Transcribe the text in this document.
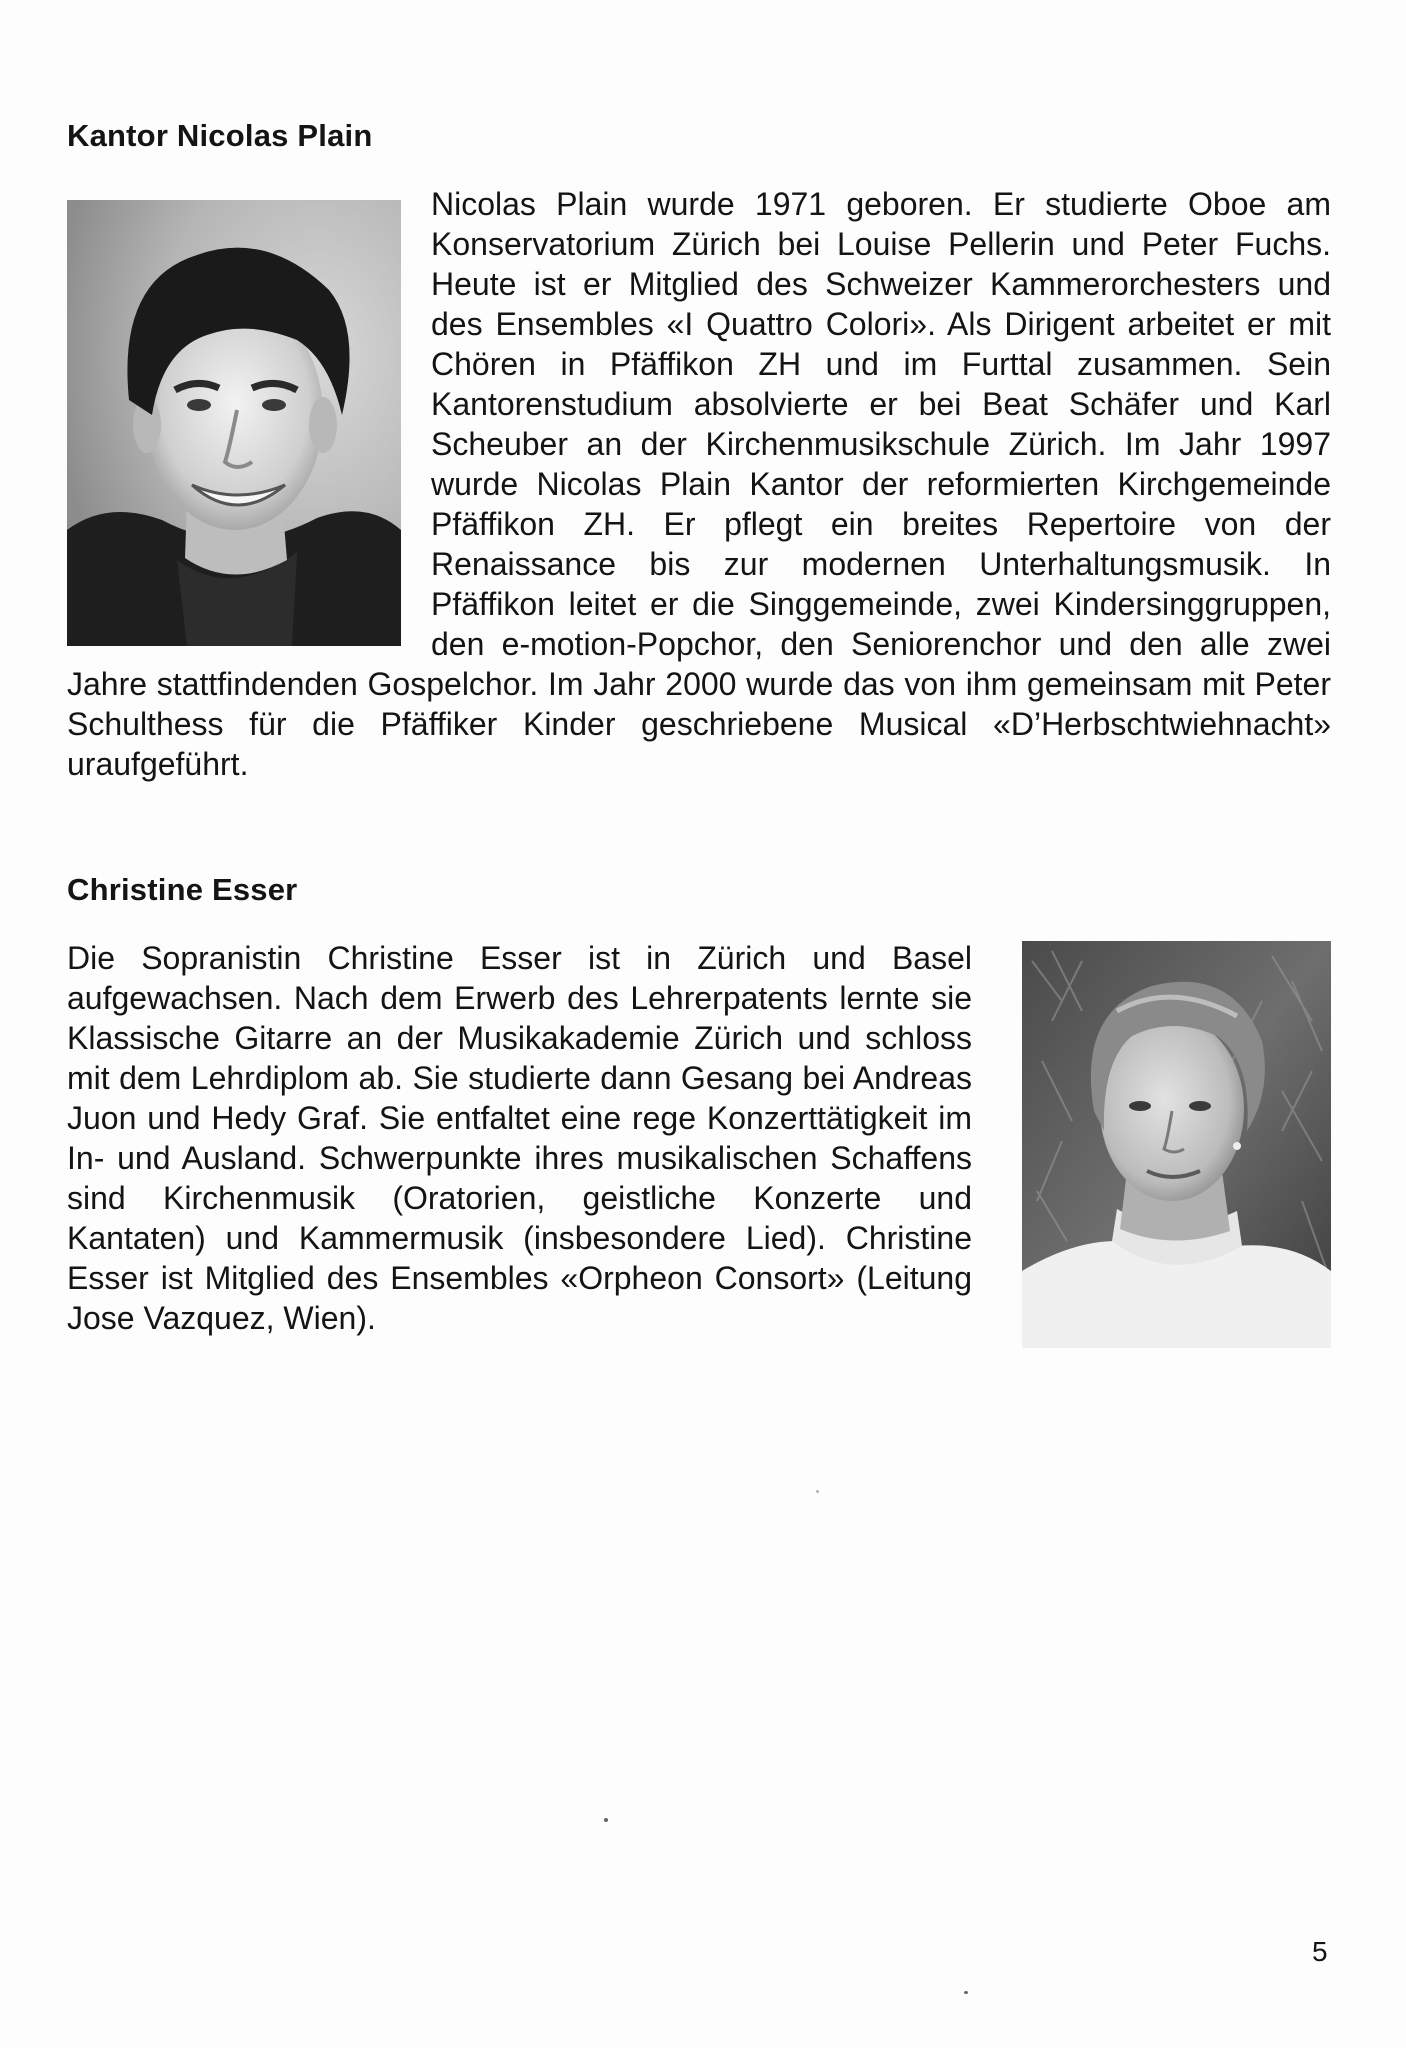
Kantor Nicolas Plain

Nicolas Plain wurde 1971 geboren. Er studierte Oboe am Konservatorium Zürich bei Louise Pellerin und Peter Fuchs. Heute ist er Mitglied des Schweizer Kammerorchesters und des Ensembles «I Quattro Colori». Als Dirigent arbeitet er mit Chören in Pfäffikon ZH und im Furttal zusammen. Sein Kantorenstudium absolvierte er bei Beat Schäfer und Karl Scheuber an der Kirchenmusikschule Zürich. Im Jahr 1997 wurde Nicolas Plain Kantor der reformierten Kirchgemeinde Pfäffikon ZH. Er pflegt ein breites Repertoire von der Renaissance bis zur modernen Unterhaltungsmusik. In Pfäffikon leitet er die Singgemeinde, zwei Kindersinggruppen, den e-motion-Popchor, den Seniorenchor und den alle zwei Jahre stattfindenden Gospelchor. Im Jahr 2000 wurde das von ihm gemeinsam mit Peter Schulthess für die Pfäffiker Kinder geschriebene Musical «D’Herbschtwiehnacht» uraufgeführt.

Christine Esser

Die Sopranistin Christine Esser ist in Zürich und Basel aufgewachsen. Nach dem Erwerb des Lehrerpatents lernte sie Klassische Gitarre an der Musikakademie Zürich und schloss mit dem Lehrdiplom ab. Sie studierte dann Gesang bei Andreas Juon und Hedy Graf. Sie entfaltet eine rege Konzerttätigkeit im In- und Ausland. Schwerpunkte ihres musikalischen Schaffens sind Kirchenmusik (Oratorien, geistliche Konzerte und Kantaten) und Kammermusik (insbesondere Lied). Christine Esser ist Mitglied des Ensembles «Orpheon Consort» (Leitung Jose Vazquez, Wien).

5
